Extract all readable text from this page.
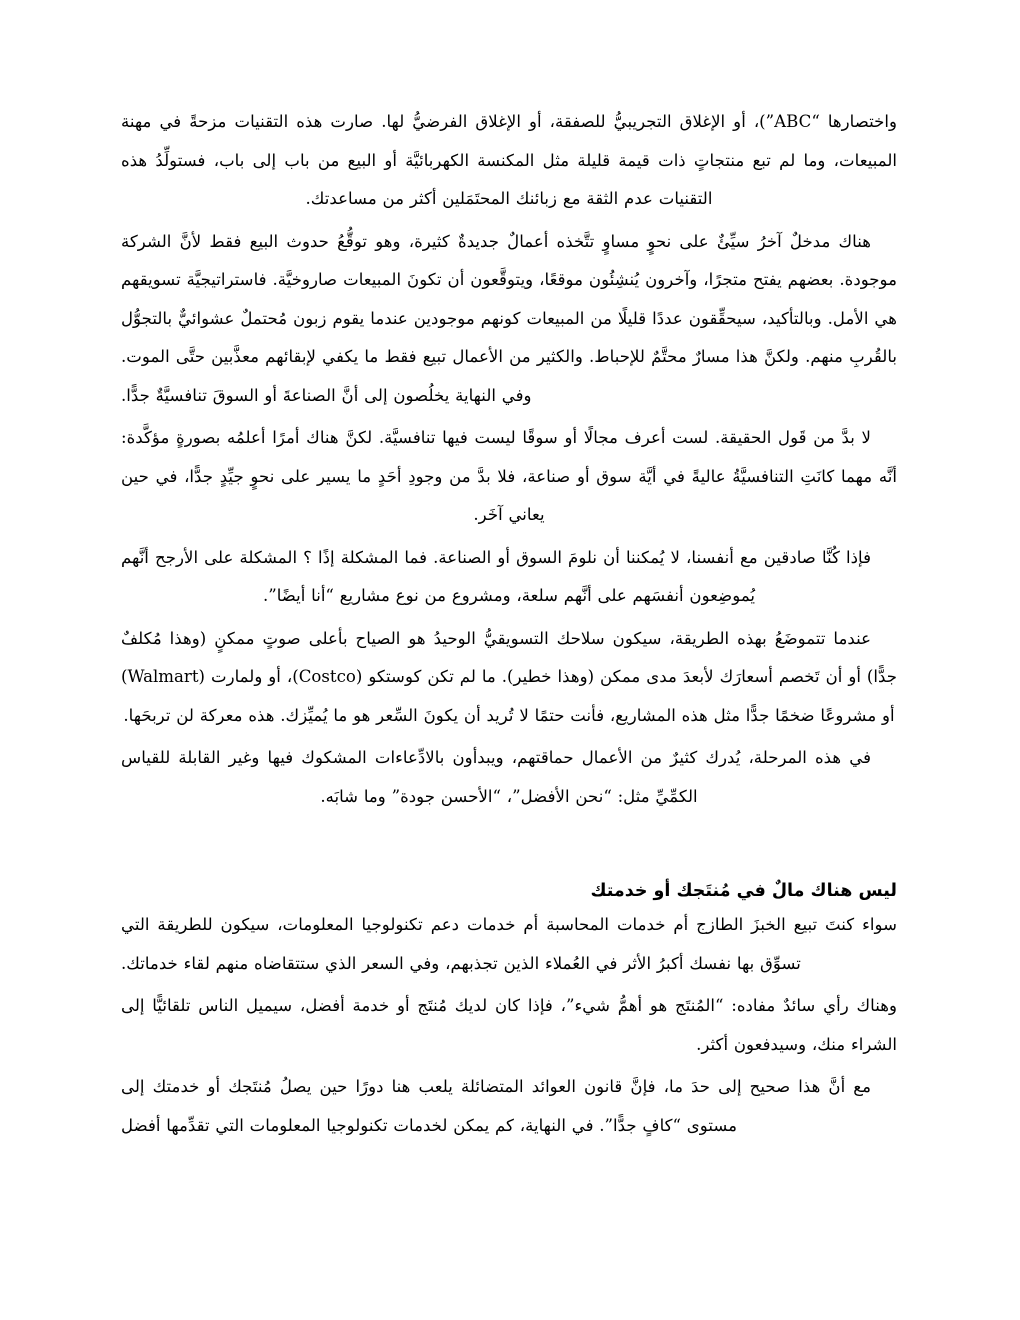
واختصارها “ABC”)، أو الإغلاق التجريبيُّ للصفقة، أو الإغلاق الفرضيُّ لها. صارت هذه التقنيات مزحةً في مهنة المبيعات، وما لم تبع منتجاتٍ ذات قيمة قليلة مثل المكنسة الكهربائيَّة أو البيع من باب إلى باب، فستولِّدُ هذه التقنيات عدم الثقة مع زبائنك المحتَمَلين أكثر من مساعدتك.

هناك مدخلٌ آخرُ سيِّئٌ على نحوٍ مساوٍ تتَّخذه أعمالٌ جديدةٌ كثيرة، وهو توقُّعُ حدوث البيع فقط لأنَّ الشركة موجودة. بعضهم يفتح متجرًا، وآخرون يُنشِئُون موقعًا، ويتوقَّعون أن تكونَ المبيعات صاروخيَّة. فاستراتيجيَّة تسويقهم هي الأمل. وبالتأكيد، سيحقِّقون عددًا قليلًا من المبيعات كونهم موجودين عندما يقوم زبون مُحتملٌ عشوائيٌّ بالتجوُّل بالقُربِ منهم. ولكنَّ هذا مسارٌ محتَّمٌ للإحباط. والكثير من الأعمال تبيع فقط ما يكفي لإبقائهم معذَّبين حتَّى الموت. وفي النهاية يخلُصون إلى أنَّ الصناعةَ أو السوقَ تنافسيَّةٌ جدًّا.

لا بدَّ من قَول الحقيقة. لست أعرف مجالًا أو سوقًا ليست فيها تنافسيَّة. لكنَّ هناك أمرًا أعلمُه بصورةٍ مؤكَّدة: أنَّه مهما كانَتِ التنافسيَّةُ عاليةً في أيَّة سوق أو صناعة، فلا بدَّ من وجودِ أحَدٍ ما يسير على نحوٍ جيِّدٍ جدًّا، في حين يعاني آخَر.

فإذا كُنَّا صادقين مع أنفسنا، لا يُمكننا أن نلومَ السوق أو الصناعة. فما المشكلة إذًا ؟ المشكلة على الأرجح أنَّهم يُموضِعون أنفسَهم على أنَّهم سلعة، ومشروع من نوع مشاريع “أنا أيضًا”.

عندما تتموضَعُ بهذه الطريقة، سيكون سلاحك التسويقيُّ الوحيدُ هو الصياح بأعلى صوتٍ ممكنٍ (وهذا مُكلفٌ جدًّا) أو أن تَخصم أسعارَك لأبعدَ مدى ممكن (وهذا خطير). ما لم تكن كوستكو (Costco)، أو ولمارت (Walmart) أو مشروعًا ضخمًا جدًّا مثل هذه المشاريع، فأنت حتمًا لا تُريد أن يكونَ السِّعر هو ما يُميِّزك. هذه معركة لن تربحَها.

في هذه المرحلة، يُدرك كثيرٌ من الأعمال حماقتهم، ويبدأون بالادِّعاءات المشكوك فيها وغير القابلة للقياس الكمِّيِّ مثل: “نحن الأفضل”، “الأحسن جودة” وما شابَه.

ليس هناك مالٌ في مُنتَجك أو خدمتك

سواء كنتَ تبيع الخبزَ الطازج أم خدمات المحاسبة أم خدمات دعم تكنولوجيا المعلومات، سيكون للطريقة التي تسوِّق بها نفسك أكبرُ الأثر في العُملاء الذين تجذبهم، وفي السعر الذي ستتقاضاه منهم لقاء خدماتك.

وهناك رأي سائدٌ مفاده: “المُنتَج هو أهمُّ شيء”، فإذا كان لديك مُنتَج أو خدمة أفضل، سيميل الناس تلقائيًّا إلى الشراء منك، وسيدفعون أكثر.

مع أنَّ هذا صحيح إلى حدَ ما، فإنَّ قانون العوائد المتضائلة يلعب هنا دورًا حين يصلُ مُنتَجك أو خدمتك إلى مستوى “كافٍ جدًّا”. في النهاية، كم يمكن لخدمات تكنولوجيا المعلومات التي تقدِّمها أفضل
